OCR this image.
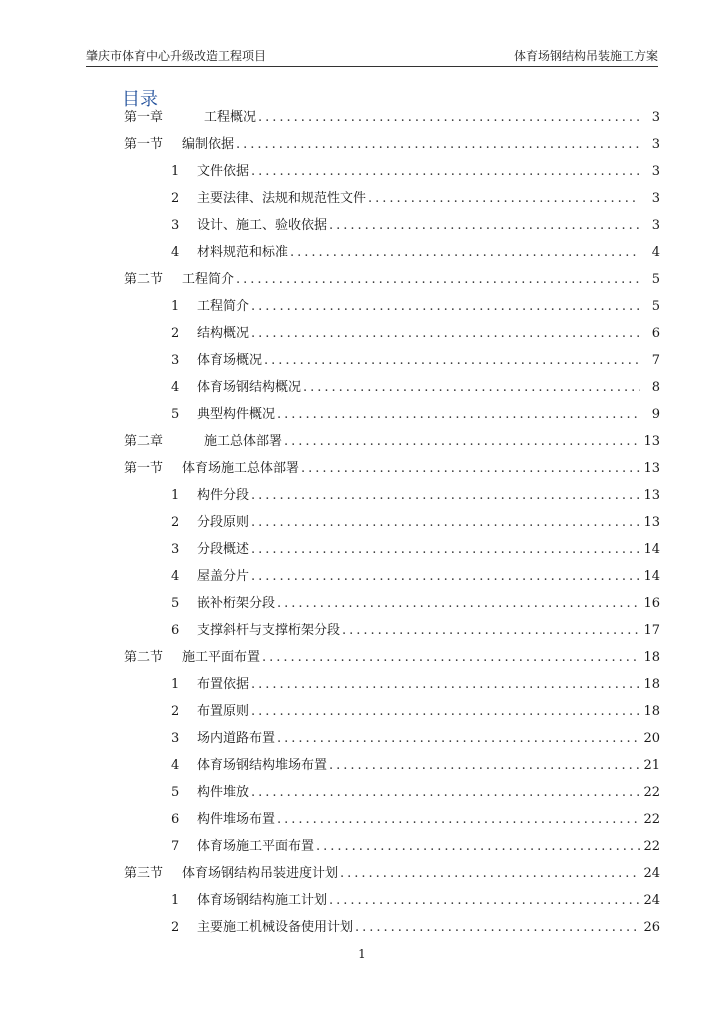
肇庆市体育中心升级改造工程项目	体育场钢结构吊装施工方案
目录
第一章	工程概况 .....	3
第一节	编制依据 .....	3
1	文件依据 .....	3
2	主要法律、法规和规范性文件 .....	3
3	设计、施工、验收依据 .....	3
4	材料规范和标准 .....	4
第二节	工程简介 .....	5
1	工程简介 .....	5
2	结构概况 .....	6
3	体育场概况 .....	7
4	体育场钢结构概况 .....	8
5	典型构件概况 .....	9
第二章	施工总体部署 .....	13
第一节	体育场施工总体部署 .....	13
1	构件分段 .....	13
2	分段原则 .....	13
3	分段概述 .....	14
4	屋盖分片 .....	14
5	嵌补桁架分段 .....	16
6	支撑斜杆与支撑桁架分段 .....	17
第二节	施工平面布置 .....	18
1	布置依据 .....	18
2	布置原则 .....	18
3	场内道路布置 .....	20
4	体育场钢结构堆场布置 .....	21
5	构件堆放 .....	22
6	构件堆场布置 .....	22
7	体育场施工平面布置 .....	22
第三节	体育场钢结构吊装进度计划 .....	24
1	体育场钢结构施工计划 .....	24
2	主要施工机械设备使用计划 .....	26
1
